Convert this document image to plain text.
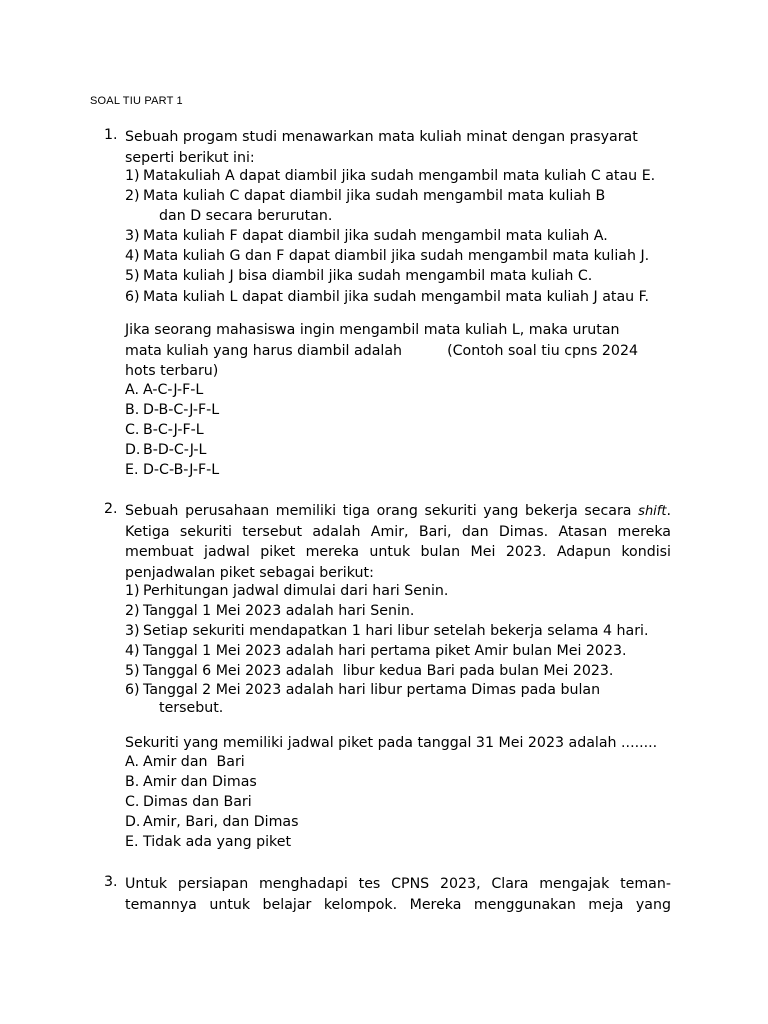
SOAL TIU PART 1
1. Sebuah progam studi menawarkan mata kuliah minat dengan prasyarat
seperti berikut ini:
1) Matakuliah A dapat diambil jika sudah mengambil mata kuliah C atau E.
2) Mata kuliah C dapat diambil jika sudah mengambil mata kuliah B
dan D secara berurutan.
3) Mata kuliah F dapat diambil jika sudah mengambil mata kuliah A.
4) Mata kuliah G dan F dapat diambil jika sudah mengambil mata kuliah J.
5) Mata kuliah J bisa diambil jika sudah mengambil mata kuliah C.
6) Mata kuliah L dapat diambil jika sudah mengambil mata kuliah J atau F.
Jika seorang mahasiswa ingin mengambil mata kuliah L, maka urutan
mata kuliah yang harus diambil adalah          (Contoh soal tiu cpns 2024
hots terbaru)
A. A-C-J-F-L
B. D-B-C-J-F-L
C. B-C-J-F-L
D. B-D-C-J-L
E. D-C-B-J-F-L
2. Sebuah perusahaan memiliki tiga orang sekuriti yang bekerja secara shift.
Ketiga sekuriti tersebut adalah Amir, Bari, dan Dimas. Atasan mereka
membuat jadwal piket mereka untuk bulan Mei 2023. Adapun kondisi
penjadwalan piket sebagai berikut:
1) Perhitungan jadwal dimulai dari hari Senin.
2) Tanggal 1 Mei 2023 adalah hari Senin.
3) Setiap sekuriti mendapatkan 1 hari libur setelah bekerja selama 4 hari.
4) Tanggal 1 Mei 2023 adalah hari pertama piket Amir bulan Mei 2023.
5) Tanggal 6 Mei 2023 adalah  libur kedua Bari pada bulan Mei 2023.
6) Tanggal 2 Mei 2023 adalah hari libur pertama Dimas pada bulan
tersebut.
Sekuriti yang memiliki jadwal piket pada tanggal 31 Mei 2023 adalah ........
A. Amir dan  Bari
B. Amir dan Dimas
C. Dimas dan Bari
D. Amir, Bari, dan Dimas
E. Tidak ada yang piket
3. Untuk persiapan menghadapi tes CPNS 2023, Clara mengajak teman-
temannya untuk belajar kelompok. Mereka menggunakan meja yang
